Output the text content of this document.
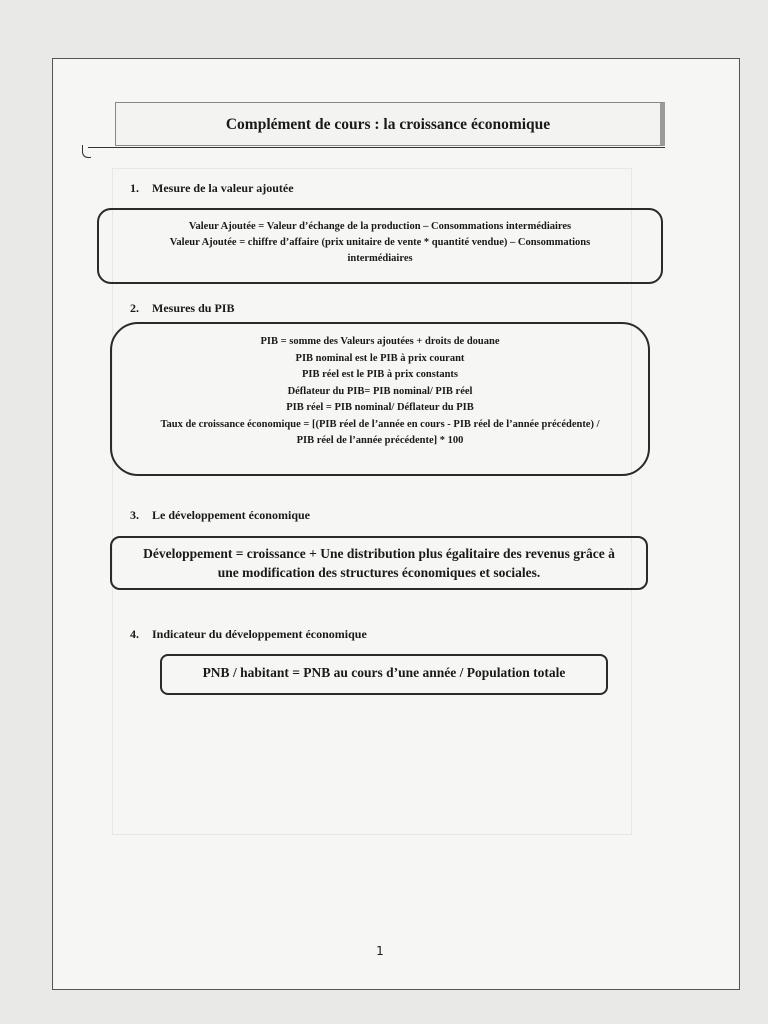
Complément de cours : la croissance économique
1. Mesure de la valeur ajoutée
Valeur Ajoutée = Valeur d’échange de la production – Consommations intermédiaires
Valeur Ajoutée = chiffre d’affaire (prix unitaire de vente * quantité vendue) – Consommations
intermédiaires
2. Mesures du PIB
PIB = somme des Valeurs ajoutées + droits de douane
PIB nominal est le PIB à prix courant
PIB réel est le PIB à prix constants
Déflateur du PIB= PIB nominal/ PIB réel
PIB réel = PIB nominal/ Déflateur du PIB
Taux de croissance économique = [(PIB réel de l’année en cours - PIB réel de l’année précédente) /
PIB réel de l’année précédente] * 100
3. Le développement économique
Développement = croissance + Une distribution plus égalitaire des revenus grâce à
une modification des structures économiques et sociales.
4. Indicateur du développement économique
PNB / habitant = PNB au cours d’une année / Population totale
1
